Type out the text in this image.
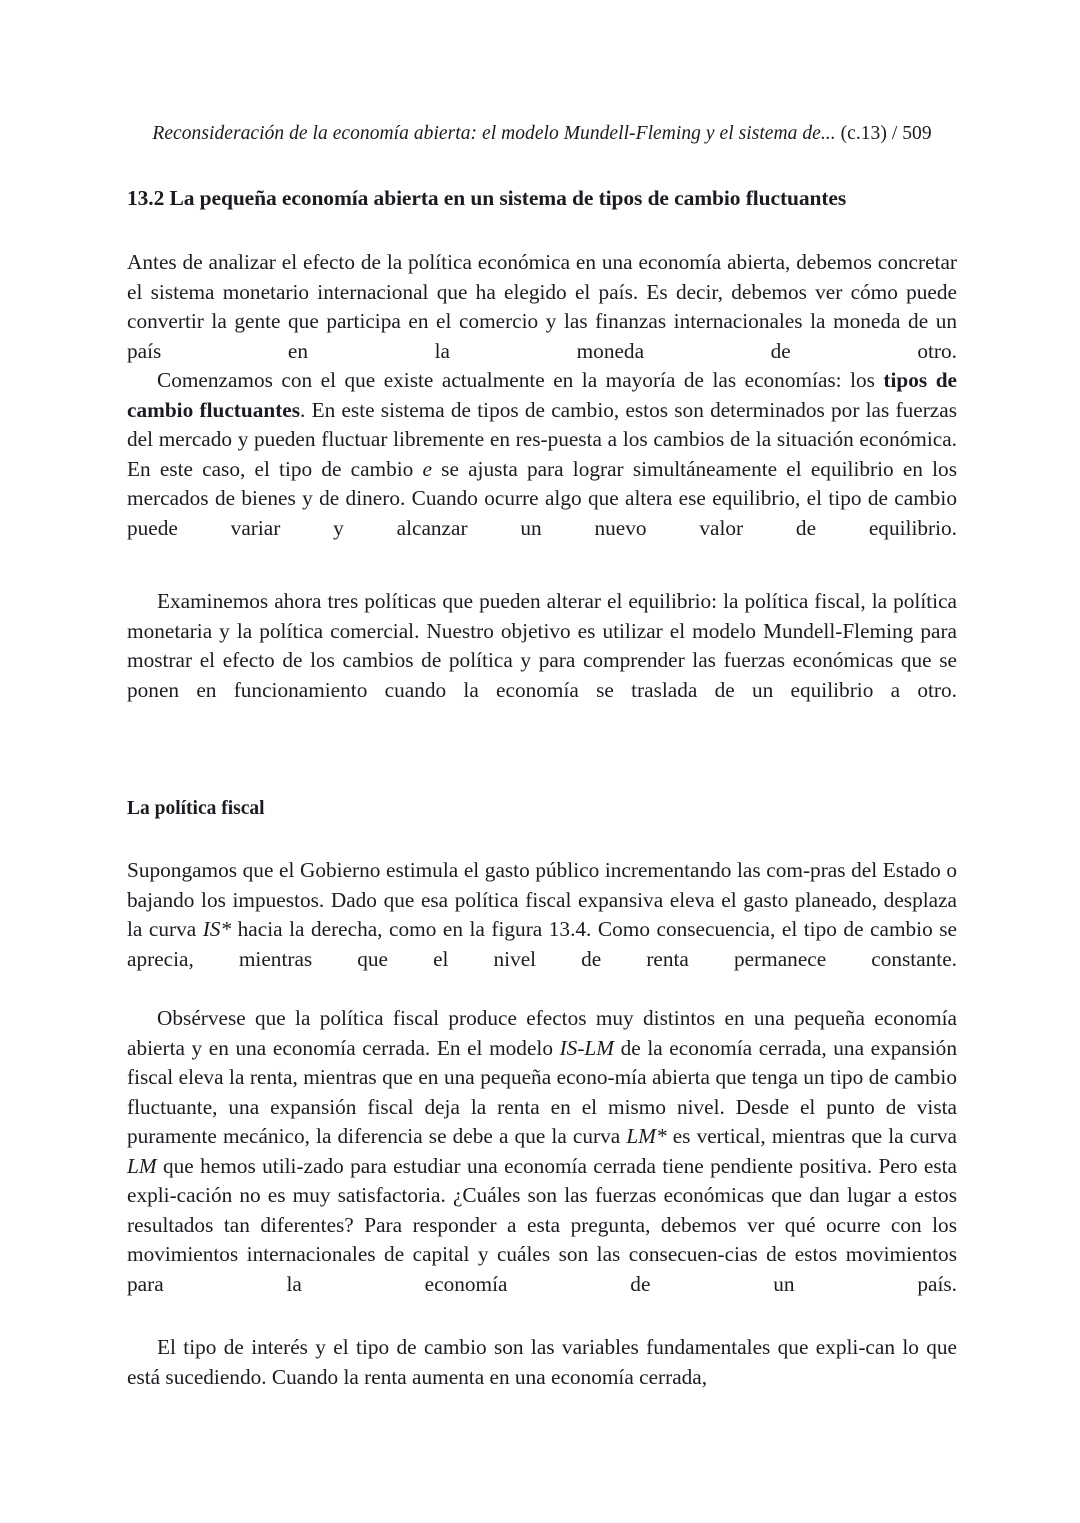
Reconsideración de la economía abierta: el modelo Mundell-Fleming y el sistema de... (c.13) / 509
13.2 La pequeña economía abierta en un sistema de tipos de cambio fluctuantes

Antes de analizar el efecto de la política económica en una economía abierta, debemos concretar el sistema monetario internacional que ha elegido el país. Es decir, debemos ver cómo puede convertir la gente que participa en el comercio y las finanzas internacionales la moneda de un país en la moneda de otro.

Comenzamos con el que existe actualmente en la mayoría de las economías: los tipos de cambio fluctuantes. En este sistema de tipos de cambio, estos son determinados por las fuerzas del mercado y pueden fluctuar libremente en res-​puesta a los cambios de la situación económica. En este caso, el tipo de cambio e se ajusta para lograr simultáneamente el equilibrio en los mercados de bienes y de dinero. Cuando ocurre algo que altera ese equilibrio, el tipo de cambio puede variar y alcanzar un nuevo valor de equilibrio.

Examinemos ahora tres políticas que pueden alterar el equilibrio: la política fiscal, la política monetaria y la política comercial. Nuestro objetivo es utilizar el modelo Mundell-Fleming para mostrar el efecto de los cambios de política y para comprender las fuerzas económicas que se ponen en funcionamiento cuando la economía se traslada de un equilibrio a otro.

La política fiscal

Supongamos que el Gobierno estimula el gasto público incrementando las com-​pras del Estado o bajando los impuestos. Dado que esa política fiscal expansiva eleva el gasto planeado, desplaza la curva IS* hacia la derecha, como en la figura 13.4. Como consecuencia, el tipo de cambio se aprecia, mientras que el nivel de renta permanece constante.

Obsérvese que la política fiscal produce efectos muy distintos en una pequeña economía abierta y en una economía cerrada. En el modelo IS-LM de la economía cerrada, una expansión fiscal eleva la renta, mientras que en una pequeña econo-​mía abierta que tenga un tipo de cambio fluctuante, una expansión fiscal deja la renta en el mismo nivel. Desde el punto de vista puramente mecánico, la diferencia se debe a que la curva LM* es vertical, mientras que la curva LM que hemos utili-​zado para estudiar una economía cerrada tiene pendiente positiva. Pero esta expli-​cación no es muy satisfactoria. ¿Cuáles son las fuerzas económicas que dan lugar a estos resultados tan diferentes? Para responder a esta pregunta, debemos ver qué ocurre con los movimientos internacionales de capital y cuáles son las consecuen-​cias de estos movimientos para la economía de un país.

El tipo de interés y el tipo de cambio son las variables fundamentales que expli-​can lo que está sucediendo. Cuando la renta aumenta en una economía cerrada,
